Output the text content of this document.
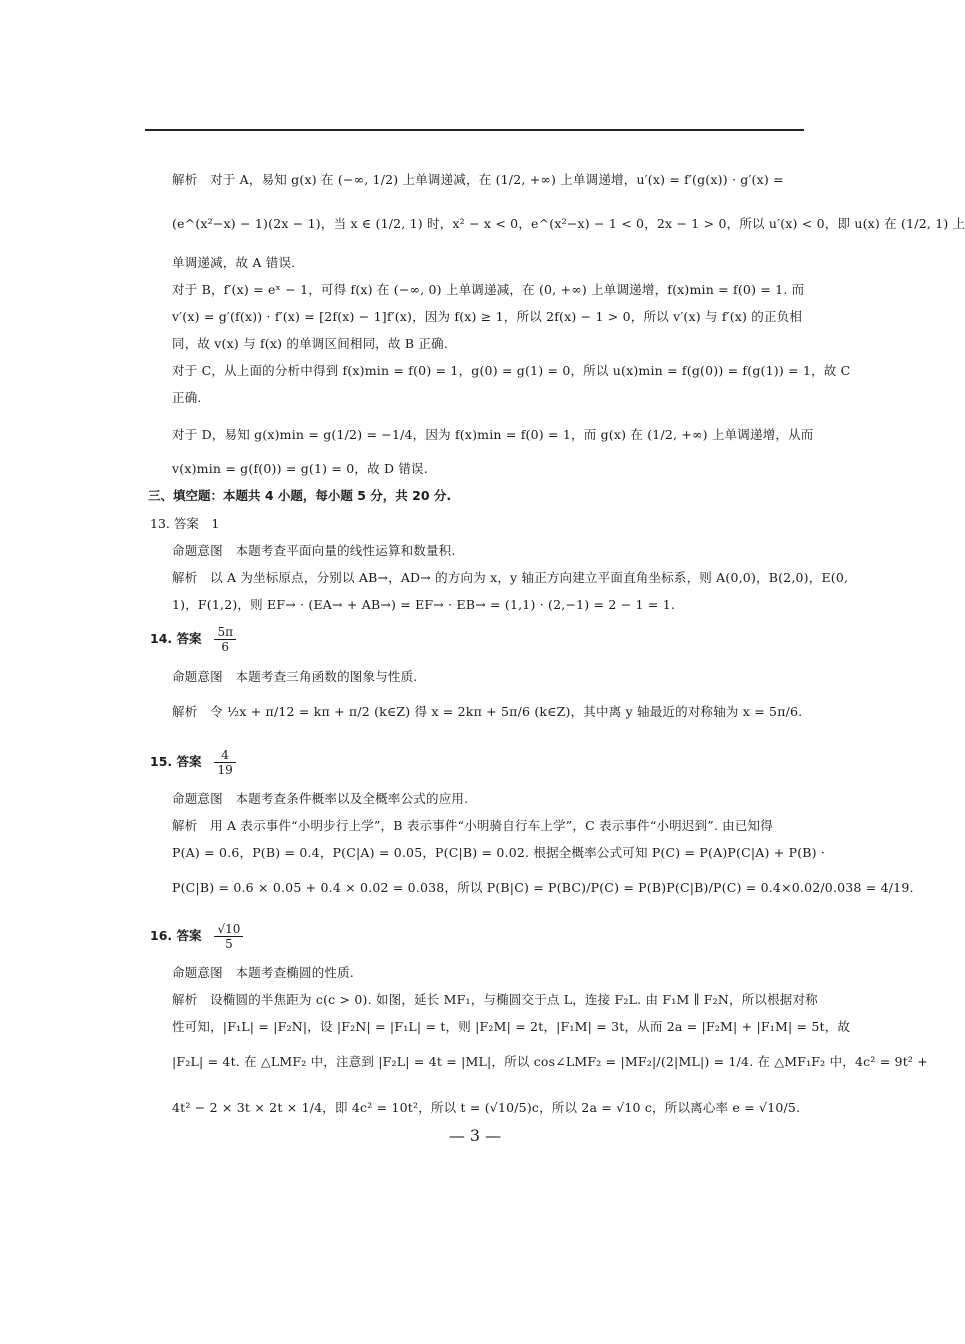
解析　对于 A，易知 g(x) 在 (−∞, 1/2) 上单调递减，在 (1/2, +∞) 上单调递增，u′(x) = f′(g(x)) · g′(x) =
(e^(x²−x) − 1)(2x − 1)，当 x ∈ (1/2, 1) 时，x² − x < 0，e^(x²−x) − 1 < 0，2x − 1 > 0，所以 u′(x) < 0，即 u(x) 在 (1/2, 1) 上
单调递减，故 A 错误.
对于 B，f′(x) = eˣ − 1，可得 f(x) 在 (−∞, 0) 上单调递减，在 (0, +∞) 上单调递增，f(x)min = f(0) = 1. 而
v′(x) = g′(f(x)) · f′(x) = [2f(x) − 1]f′(x)，因为 f(x) ≥ 1，所以 2f(x) − 1 > 0，所以 v′(x) 与 f′(x) 的正负相
同，故 v(x) 与 f(x) 的单调区间相同，故 B 正确.
对于 C，从上面的分析中得到 f(x)min = f(0) = 1，g(0) = g(1) = 0，所以 u(x)min = f(g(0)) = f(g(1)) = 1，故 C
正确.
对于 D，易知 g(x)min = g(1/2) = −1/4，因为 f(x)min = f(0) = 1，而 g(x) 在 (1/2, +∞) 上单调递增，从而
v(x)min = g(f(0)) = g(1) = 0，故 D 错误.
三、填空题：本题共 4 小题，每小题 5 分，共 20 分.
13. 答案　1
命题意图　本题考查平面向量的线性运算和数量积.
解析　以 A 为坐标原点，分别以 AB→，AD→ 的方向为 x，y 轴正方向建立平面直角坐标系，则 A(0,0)，B(2,0)，E(0,
1)，F(1,2)，则 EF→ · (EA→ + AB→) = EF→ · EB→ = (1,1) · (2,−1) = 2 − 1 = 1.
14. 答案 $\frac{5\pi}{6}$
命题意图　本题考查三角函数的图象与性质.
解析　令 ½x + π/12 = kπ + π/2 (k∈Z) 得 x = 2kπ + 5π/6 (k∈Z)，其中离 y 轴最近的对称轴为 x = 5π/6.
15. 答案 $\frac{4}{19}$
命题意图　本题考查条件概率以及全概率公式的应用.
解析　用 A 表示事件“小明步行上学”，B 表示事件“小明骑自行车上学”，C 表示事件“小明迟到”. 由已知得
P(A) = 0.6，P(B) = 0.4，P(C|A) = 0.05，P(C|B) = 0.02. 根据全概率公式可知 P(C) = P(A)P(C|A) + P(B) ·
P(C|B) = 0.6 × 0.05 + 0.4 × 0.02 = 0.038，所以 P(B|C) = P(BC)/P(C) = P(B)P(C|B)/P(C) = 0.4×0.02/0.038 = 4/19.
16. 答案 $\frac{√10}{5}$
命题意图　本题考查椭圆的性质.
解析　设椭圆的半焦距为 c(c > 0). 如图，延长 MF₁，与椭圆交于点 L，连接 F₂L. 由 F₁M ∥ F₂N，所以根据对称
性可知，|F₁L| = |F₂N|，设 |F₂N| = |F₁L| = t，则 |F₂M| = 2t，|F₁M| = 3t，从而 2a = |F₂M| + |F₁M| = 5t，故
|F₂L| = 4t. 在 △LMF₂ 中，注意到 |F₂L| = 4t = |ML|，所以 cos∠LMF₂ = |MF₂|/(2|ML|) = 1/4. 在 △MF₁F₂ 中，4c² = 9t² +
4t² − 2 × 3t × 2t × 1/4，即 4c² = 10t²，所以 t = (√10/5)c，所以 2a = √10 c，所以离心率 e = √10/5.
— 3 —
